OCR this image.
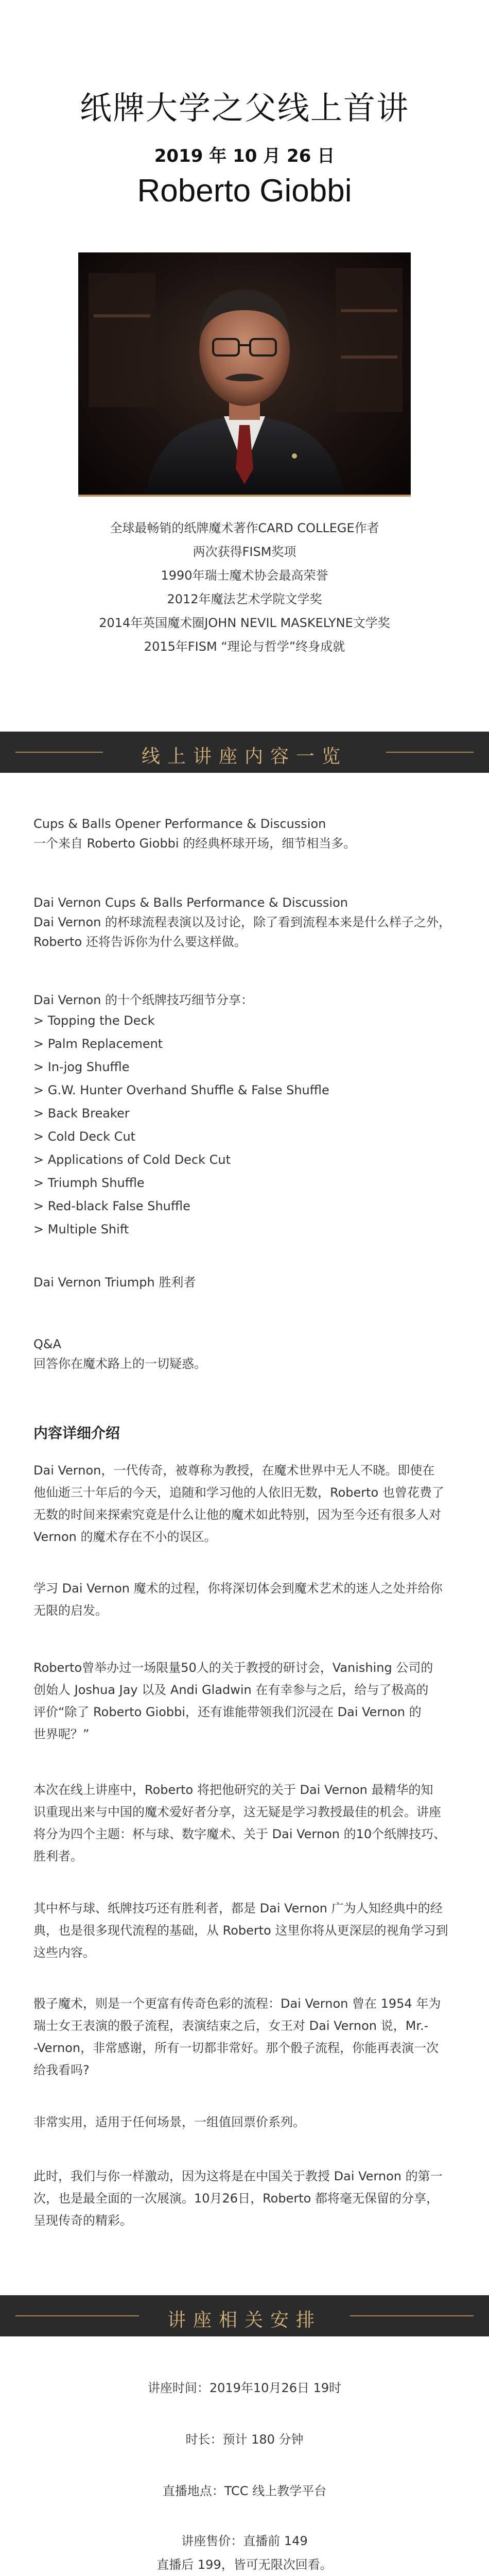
纸牌大学之父线上首讲
2019 年 10 月 26 日
Roberto Giobbi
全球最畅销的纸牌魔术著作CARD COLLEGE作者
两次获得FISM奖项
1990年瑞士魔术协会最高荣誉
2012年魔法艺术学院文学奖
2014年英国魔术圈JOHN NEVIL MASKELYNE文学奖
2015年FISM “理论与哲学”终身成就
线上讲座内容一览
Cups & Balls Opener Performance & Discussion
一个来自 Roberto Giobbi 的经典杯球开场，细节相当多。
Dai Vernon Cups & Balls Performance & Discussion
Dai Vernon 的杯球流程表演以及讨论，除了看到流程本来是什么样子之外，
Roberto 还将告诉你为什么要这样做。
Dai Vernon 的十个纸牌技巧细节分享：
> Topping the Deck
> Palm Replacement
> In-jog Shuffle
> G.W. Hunter Overhand Shuffle & False Shuffle
> Back Breaker
> Cold Deck Cut
> Applications of Cold Deck Cut
> Triumph Shuffle
> Red-black False Shuffle
> Multiple Shift
Dai Vernon Triumph 胜利者
Q&A
回答你在魔术路上的一切疑惑。
内容详细介绍
Dai Vernon，一代传奇，被尊称为教授，在魔术世界中无人不晓。即使在
他仙逝三十年后的今天，追随和学习他的人依旧无数，Roberto 也曾花费了
无数的时间来探索究竟是什么让他的魔术如此特别，因为至今还有很多人对
Vernon 的魔术存在不小的误区。
学习 Dai Vernon 魔术的过程，你将深切体会到魔术艺术的迷人之处并给你
无限的启发。
Roberto曾举办过一场限量50人的关于教授的研讨会，Vanishing 公司的
创始人 Joshua Jay 以及 Andi Gladwin 在有幸参与之后，给与了极高的
评价“除了 Roberto Giobbi，还有谁能带领我们沉浸在 Dai Vernon 的
世界呢？”
本次在线上讲座中，Roberto 将把他研究的关于 Dai Vernon 最精华的知
识重现出来与中国的魔术爱好者分享，这无疑是学习教授最佳的机会。讲座
将分为四个主题：杯与球、数字魔术、关于 Dai Vernon 的10个纸牌技巧、
胜利者。
其中杯与球、纸牌技巧还有胜利者，都是 Dai Vernon 广为人知经典中的经
典，也是很多现代流程的基础，从 Roberto 这里你将从更深层的视角学习到
这些内容。
骰子魔术，则是一个更富有传奇色彩的流程：Dai Vernon 曾在 1954 年为
瑞士女王表演的骰子流程，表演结束之后，女王对 Dai Vernon 说，Mr.-
-Vernon，非常感谢，所有一切都非常好。那个骰子流程，你能再表演一次
给我看吗?
非常实用，适用于任何场景，一组值回票价系列。
此时，我们与你一样激动，因为这将是在中国关于教授 Dai Vernon 的第一
次，也是最全面的一次展演。10月26日，Roberto 都将毫无保留的分享，
呈现传奇的精彩。
讲座相关安排
讲座时间：2019年10月26日 19时
时长：预计 180 分钟
直播地点：TCC 线上教学平台
讲座售价：直播前 149
直播后 199，皆可无限次回看。
